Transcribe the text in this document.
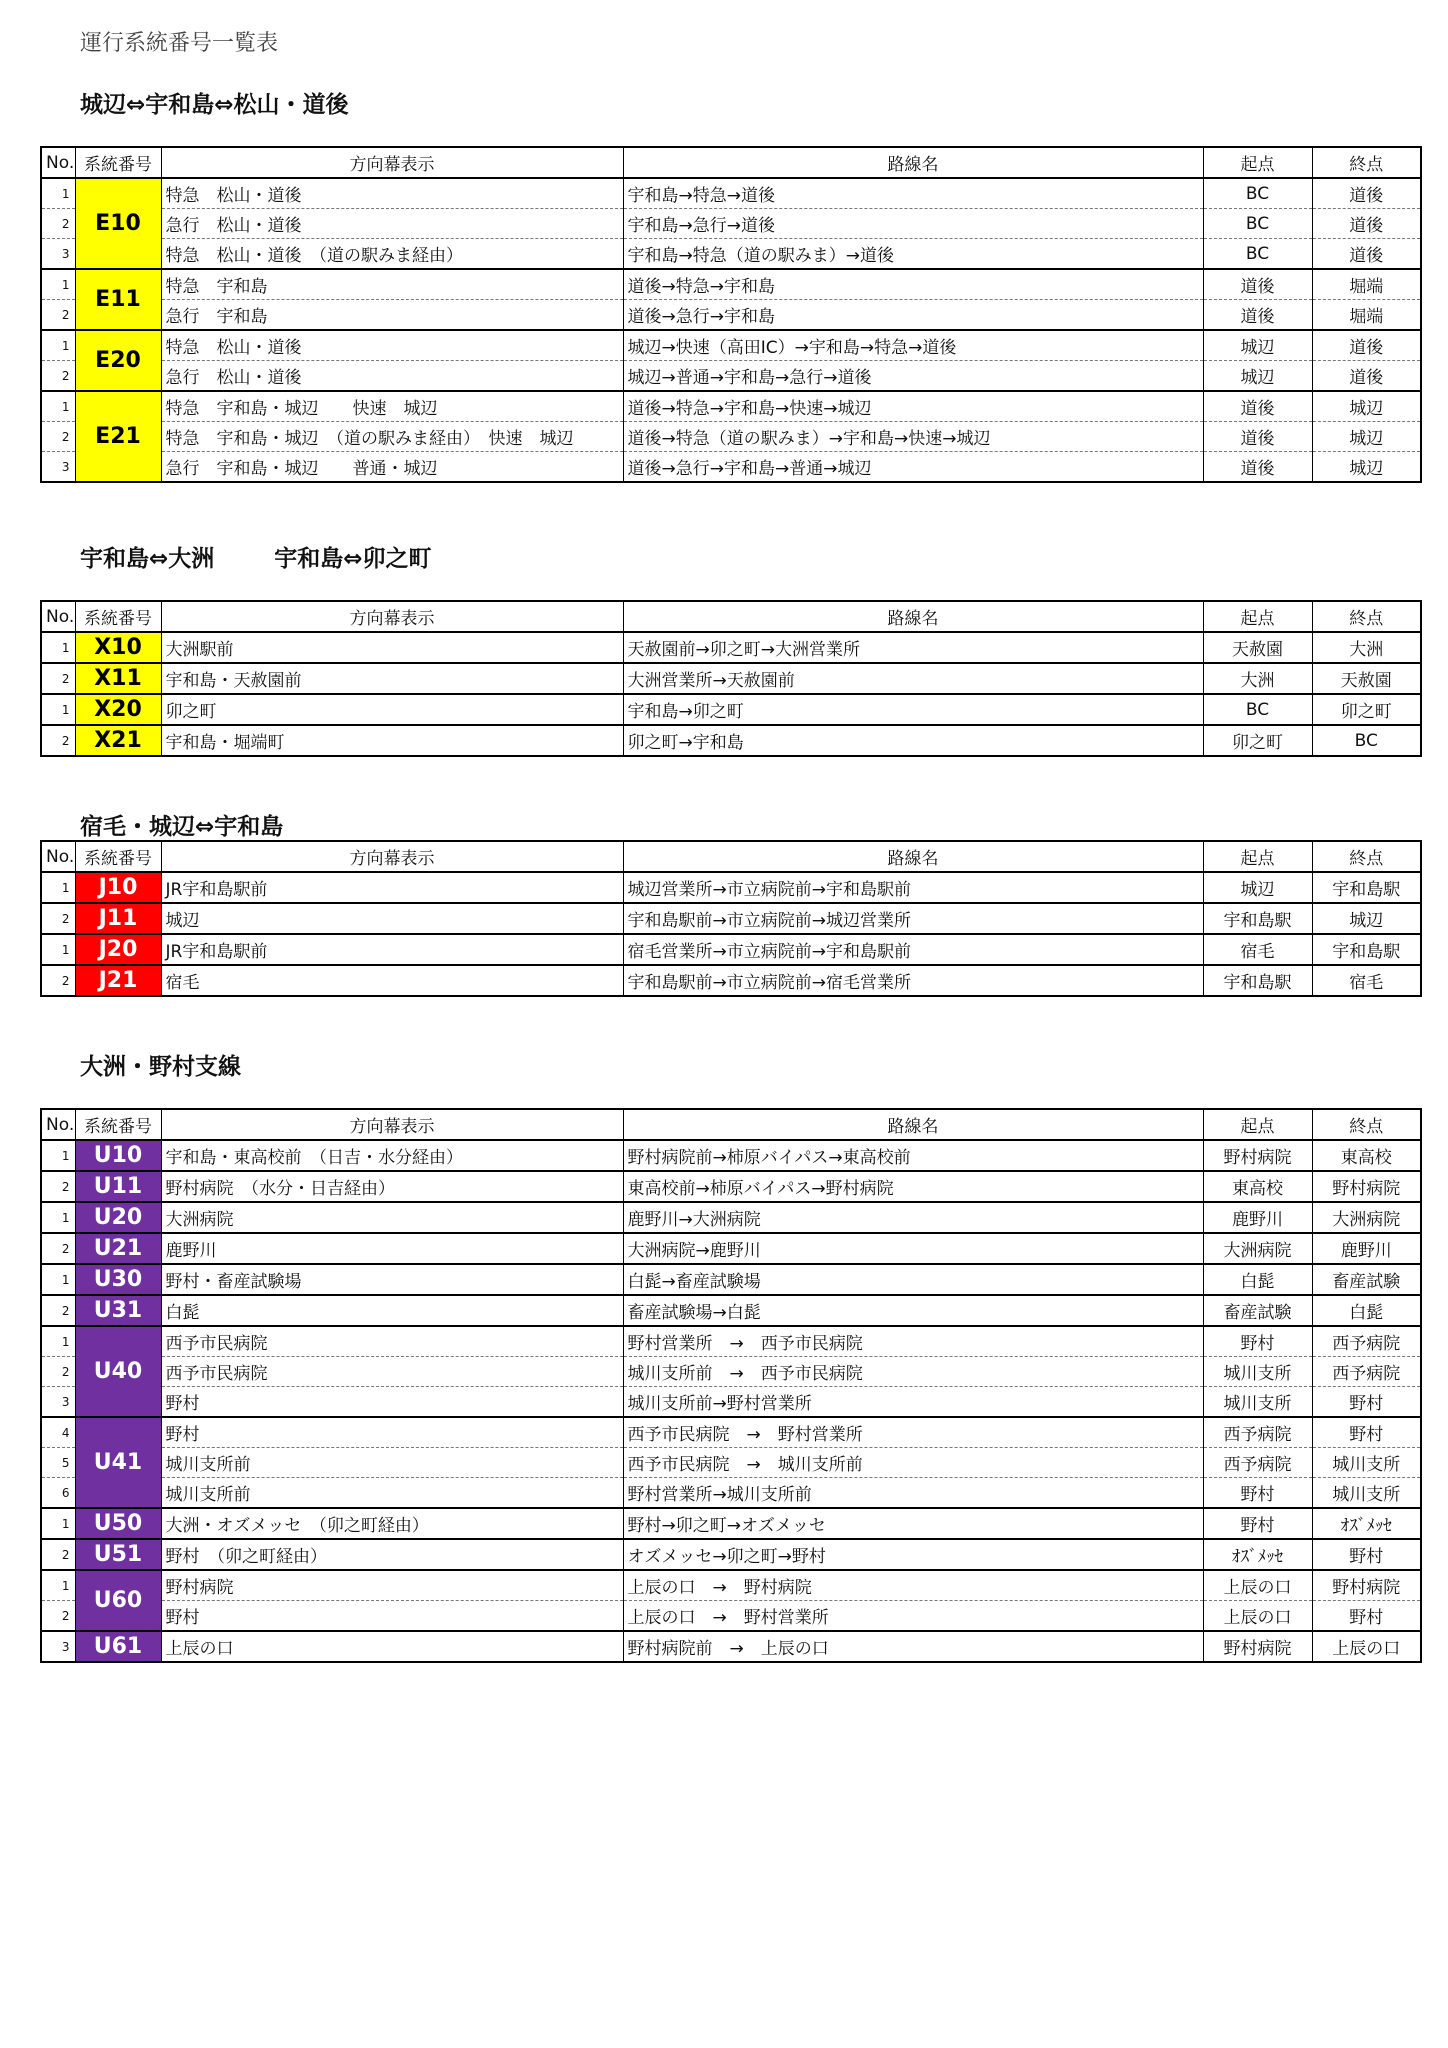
運行系統番号一覧表
城辺⇔宇和島⇔松山・道後
No.	系統番号	方向幕表示	路線名	起点	終点
1	E10	特急　松山・道後	宇和島→特急→道後	BC	道後
2		急行　松山・道後	宇和島→急行→道後	BC	道後
3		特急　松山・道後　（道の駅みま経由）	宇和島→特急（道の駅みま）→道後	BC	道後
1	E11	特急　宇和島	道後→特急→宇和島	道後	堀端
2		急行　宇和島	道後→急行→宇和島	道後	堀端
1	E20	特急　松山・道後	城辺→快速（高田IC）→宇和島→特急→道後	城辺	道後
2		急行　松山・道後	城辺→普通→宇和島→急行→道後	城辺	道後
1	E21	特急　宇和島・城辺　　快速　城辺	道後→特急→宇和島→快速→城辺	道後	城辺
2		特急　宇和島・城辺　（道の駅みま経由）　快速　城辺	道後→特急（道の駅みま）→宇和島→快速→城辺	道後	城辺
3		急行　宇和島・城辺　　普通・城辺	道後→急行→宇和島→普通→城辺	道後	城辺
宇和島⇔大洲	宇和島⇔卯之町
No.	系統番号	方向幕表示	路線名	起点	終点
1	X10	大洲駅前	天赦園前→卯之町→大洲営業所	天赦園	大洲
2	X11	宇和島・天赦園前	大洲営業所→天赦園前	大洲	天赦園
1	X20	卯之町	宇和島→卯之町	BC	卯之町
2	X21	宇和島・堀端町	卯之町→宇和島	卯之町	BC
宿毛・城辺⇔宇和島
No.	系統番号	方向幕表示	路線名	起点	終点
1	J10	JR宇和島駅前	城辺営業所→市立病院前→宇和島駅前	城辺	宇和島駅
2	J11	城辺	宇和島駅前→市立病院前→城辺営業所	宇和島駅	城辺
1	J20	JR宇和島駅前	宿毛営業所→市立病院前→宇和島駅前	宿毛	宇和島駅
2	J21	宿毛	宇和島駅前→市立病院前→宿毛営業所	宇和島駅	宿毛
大洲・野村支線
No.	系統番号	方向幕表示	路線名	起点	終点
1	U10	宇和島・東高校前　（日吉・水分経由）	野村病院前→柿原バイパス→東高校前	野村病院	東高校
2	U11	野村病院　（水分・日吉経由）	東高校前→柿原バイパス→野村病院	東高校	野村病院
1	U20	大洲病院	鹿野川→大洲病院	鹿野川	大洲病院
2	U21	鹿野川	大洲病院→鹿野川	大洲病院	鹿野川
1	U30	野村・畜産試験場	白髭→畜産試験場	白髭	畜産試験
2	U31	白髭	畜産試験場→白髭	畜産試験	白髭
1	U40	西予市民病院	野村営業所　→　西予市民病院	野村	西予病院
2		西予市民病院	城川支所前　→　西予市民病院	城川支所	西予病院
3		野村	城川支所前→野村営業所	城川支所	野村
4	U41	野村	西予市民病院　→　野村営業所	西予病院	野村
5		城川支所前	西予市民病院　→　城川支所前	西予病院	城川支所
6		城川支所前	野村営業所→城川支所前	野村	城川支所
1	U50	大洲・オズメッセ　（卯之町経由）	野村→卯之町→オズメッセ	野村	ｵｽﾞﾒｯｾ
2	U51	野村　（卯之町経由）	オズメッセ→卯之町→野村	ｵｽﾞﾒｯｾ	野村
1	U60	野村病院	上辰の口　→　野村病院	上辰の口	野村病院
2		野村	上辰の口　→　野村営業所	上辰の口	野村
3	U61	上辰の口	野村病院前　→　上辰の口	野村病院	上辰の口
